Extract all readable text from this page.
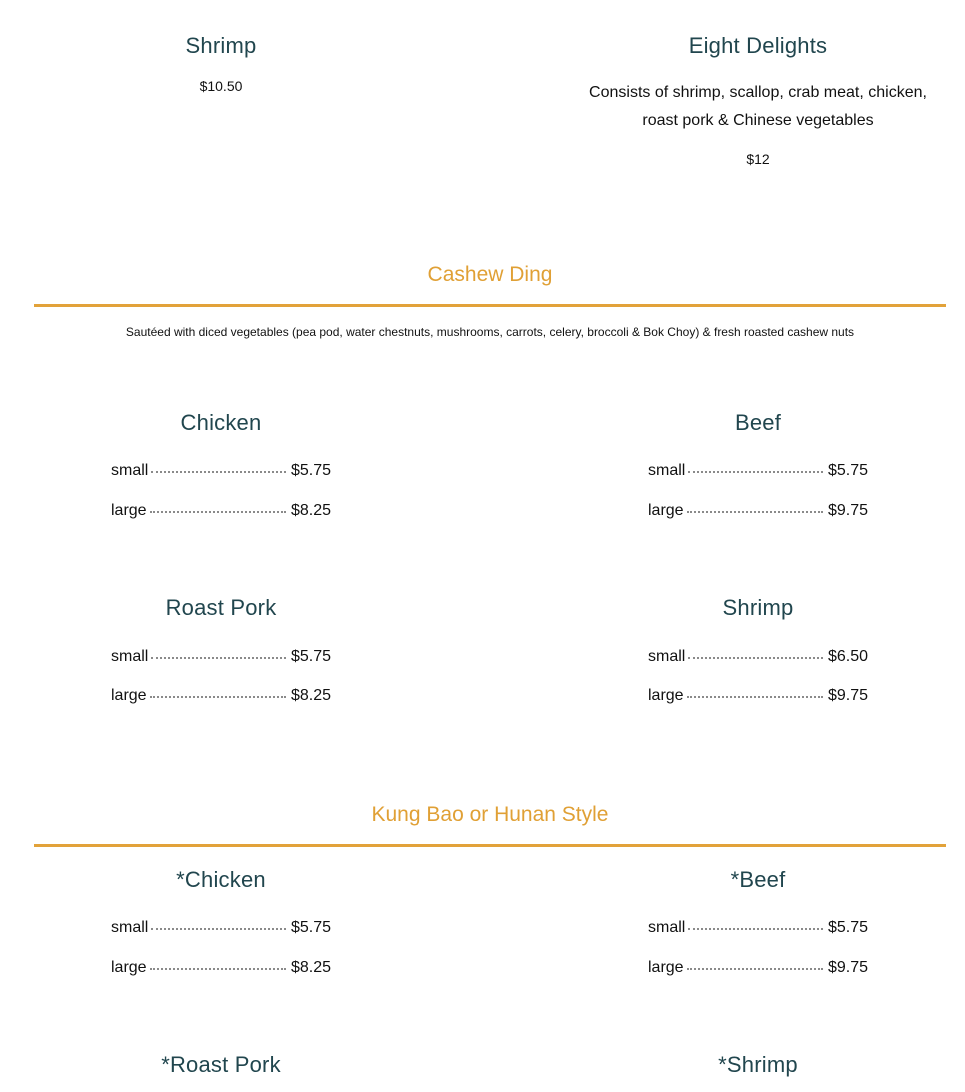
Shrimp
$10.50
Eight Delights
Consists of shrimp, scallop, crab meat, chicken,
roast pork & Chinese vegetables
$12
Cashew Ding
Sautéed with diced vegetables (pea pod, water chestnuts, mushrooms, carrots, celery, broccoli & Bok Choy) & fresh roasted cashew nuts
Chicken
small	$5.75
large	$8.25
Beef
small	$5.75
large	$9.75
Roast Pork
small	$5.75
large	$8.25
Shrimp
small	$6.50
large	$9.75
Kung Bao or Hunan Style
*Chicken
small	$5.75
large	$8.25
*Beef
small	$5.75
large	$9.75
*Roast Pork	*Shrimp
